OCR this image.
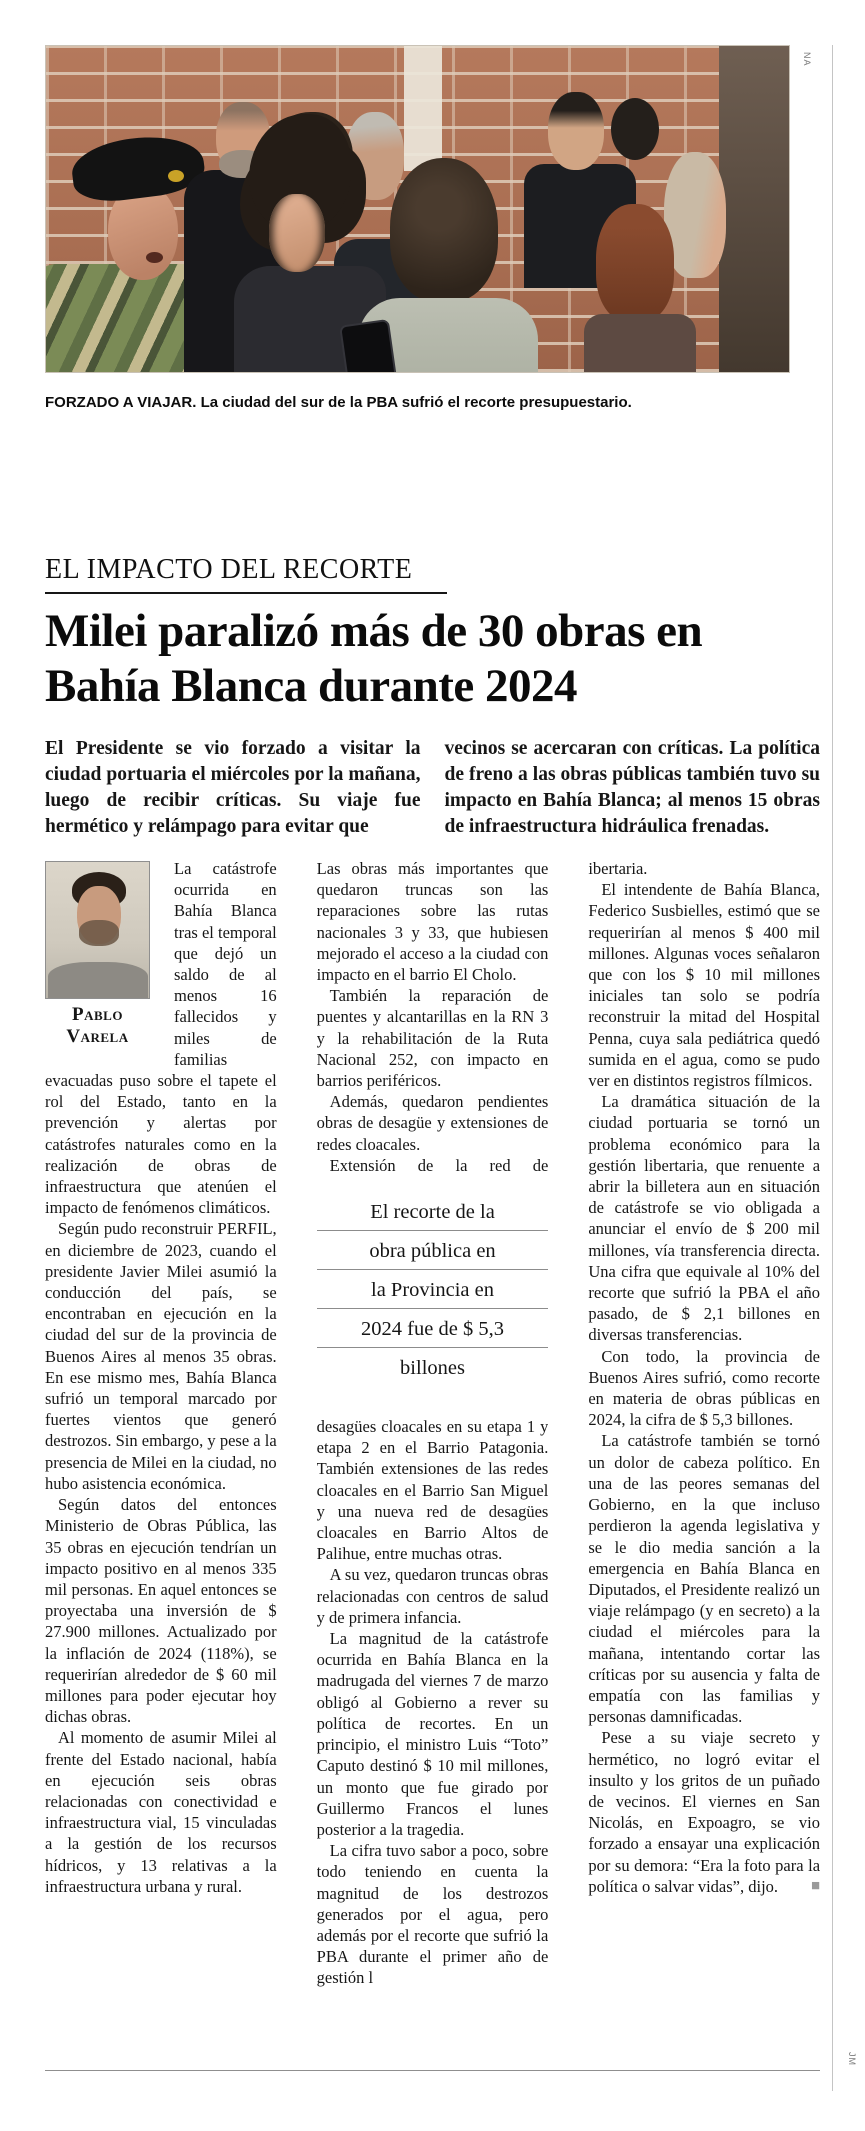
FORZADO A VIAJAR. La ciudad del sur de la PBA sufrió el recorte presupuestario.

EL IMPACTO DEL RECORTE
Milei paralizó más de 30 obras en Bahía Blanca durante 2024
El Presidente se vio forzado a visitar la ciudad portuaria el miércoles por la mañana, luego de recibir críticas. Su viaje fue hermético y relámpago para evitar que
vecinos se acercaran con críticas. La política de freno a las obras públicas también tuvo su impacto en Bahía Blanca; al menos 15 obras de infraestructura hidráulica frenadas.

Pablo
Varela
La catástrofe ocurrida en Bahía Blanca tras el temporal que dejó un saldo de al menos 16 fallecidos y miles de familias evacuadas puso sobre el tapete el rol del Estado, tanto en la prevención y alertas por catástrofes naturales como en la realización de obras de infraestructura que atenúen el impacto de fenómenos climáticos.

Según pudo reconstruir PERFIL, en diciembre de 2023, cuando el presidente Javier Milei asumió la conducción del país, se encontraban en ejecución en la ciudad del sur de la provincia de Buenos Aires al menos 35 obras. En ese mismo mes, Bahía Blanca sufrió un temporal marcado por fuertes vientos que generó destrozos. Sin embargo, y pese a la presencia de Milei en la ciudad, no hubo asistencia económica.

Según datos del entonces Ministerio de Obras Pública, las 35 obras en ejecución tendrían un impacto positivo en al menos 335 mil personas. En aquel entonces se proyectaba una inversión de $ 27.900 millones. Actualizado por la inflación de 2024 (118%), se requerirían alrededor de $ 60 mil millones para poder ejecutar hoy dichas obras.

Al momento de asumir Milei al frente del Estado nacional, había en ejecución seis obras relacionadas con conectividad e infraestructura vial, 15 vinculadas a la gestión de los recursos hídricos, y 13 relativas a la infraestructura urbana y rural.

Las obras más importantes que quedaron truncas son las reparaciones sobre las rutas nacionales 3 y 33, que hubiesen mejorado el acceso a la ciudad con impacto en el barrio El Cholo.

También la reparación de puentes y alcantarillas en la RN 3 y la rehabilitación de la Ruta Nacional 252, con impacto en barrios periféricos.

Además, quedaron pendientes obras de desagüe y extensiones de redes cloacales.

Extensión de la red de

El recorte de la
obra pública en
la Provincia en
2024 fue de $ 5,3
billones

desagües cloacales en su etapa 1 y etapa 2 en el Barrio Patagonia. También extensiones de las redes cloacales en el Barrio San Miguel y una nueva red de desagües cloacales en Barrio Altos de Palihue, entre muchas otras.

A su vez, quedaron truncas obras relacionadas con centros de salud y de primera infancia.

La magnitud de la catástrofe ocurrida en Bahía Blanca en la madrugada del viernes 7 de marzo obligó al Gobierno a rever su política de recortes. En un principio, el ministro Luis “Toto” Caputo destinó $ 10 mil millones, un monto que fue girado por Guillermo Francos el lunes posterior a la tragedia.

La cifra tuvo sabor a poco, sobre todo teniendo en cuenta la magnitud de los destrozos generados por el agua, pero además por el recorte que sufrió la PBA durante el primer año de gestión l

ibertaria.

El intendente de Bahía Blanca, Federico Susbielles, estimó que se requerirían al menos $ 400 mil millones. Algunas voces señalaron que con los $ 10 mil millones iniciales tan solo se podría reconstruir la mitad del Hospital Penna, cuya sala pediátrica quedó sumida en el agua, como se pudo ver en distintos registros fílmicos.

La dramática situación de la ciudad portuaria se tornó un problema económico para la gestión libertaria, que renuente a abrir la billetera aun en situación de catástrofe se vio obligada a anunciar el envío de $ 200 mil millones, vía transferencia directa. Una cifra que equivale al 10% del recorte que sufrió la PBA el año pasado, de $ 2,1 billones en diversas transferencias.

Con todo, la provincia de Buenos Aires sufrió, como recorte en materia de obras públicas en 2024, la cifra de $ 5,3 billones.

La catástrofe también se tornó un dolor de cabeza político. En una de las peores semanas del Gobierno, en la que incluso perdieron la agenda legislativa y se le dio media sanción a la emergencia en Bahía Blanca en Diputados, el Presidente realizó un viaje relámpago (y en secreto) a la ciudad el miércoles para la mañana, intentando cortar las críticas por su ausencia y falta de empatía con las familias y personas damnificadas.

Pese a su viaje secreto y hermético, no logró evitar el insulto y los gritos de un puñado de vecinos. El viernes en San Nicolás, en Expoagro, se vio forzado a ensayar una explicación por su demora: “Era la foto para la política o salvar vidas”, dijo.	■

NA
JM
